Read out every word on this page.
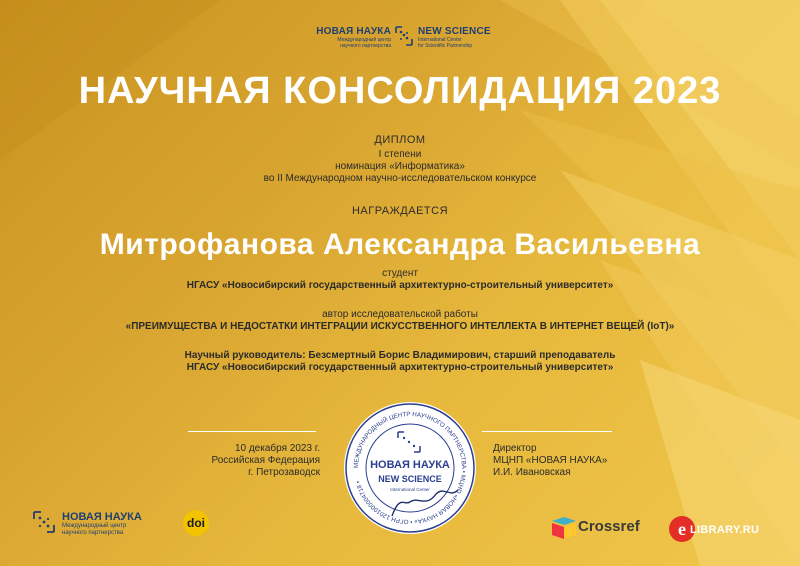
НОВАЯ НАУКА
Международный центр
научного партнерства
NEW SCIENCE
International Center
for Scientific Partnership
НАУЧНАЯ КОНСОЛИДАЦИЯ 2023
ДИПЛОМ
I степени
номинация «Информатика»
во II Международном научно-исследовательском конкурсе
НАГРАЖДАЕТСЯ
Митрофанова Александра Васильевна
студент
НГАСУ «Новосибирский государственный архитектурно-строительный университет»
автор исследовательской работы
«ПРЕИМУЩЕСТВА И НЕДОСТАТКИ ИНТЕГРАЦИИ ИСКУССТВЕННОГО ИНТЕЛЛЕКТА В ИНТЕРНЕТ ВЕЩЕЙ (IoT)»
Научный руководитель: Безсмертный Борис Владимирович, старший преподаватель
НГАСУ «Новосибирский государственный архитектурно-строительный университет»
10 декабря 2023 г.
Российская Федерация
г. Петрозаводск
Директор
МЦНП «НОВАЯ НАУКА»
И.И. Ивановская
МЕЖДУНАРОДНЫЙ ЦЕНТР НАУЧНОГО ПАРТНЕРСТВА • МЦНП «НОВАЯ НАУКА» • ОГРН 1201000004718 •
НОВАЯ НАУКА
NEW SCIENCE
International Center
НОВАЯ НАУКА
Международный центр
научного партнерства
doi	Crossref e LIBRARY.RU
